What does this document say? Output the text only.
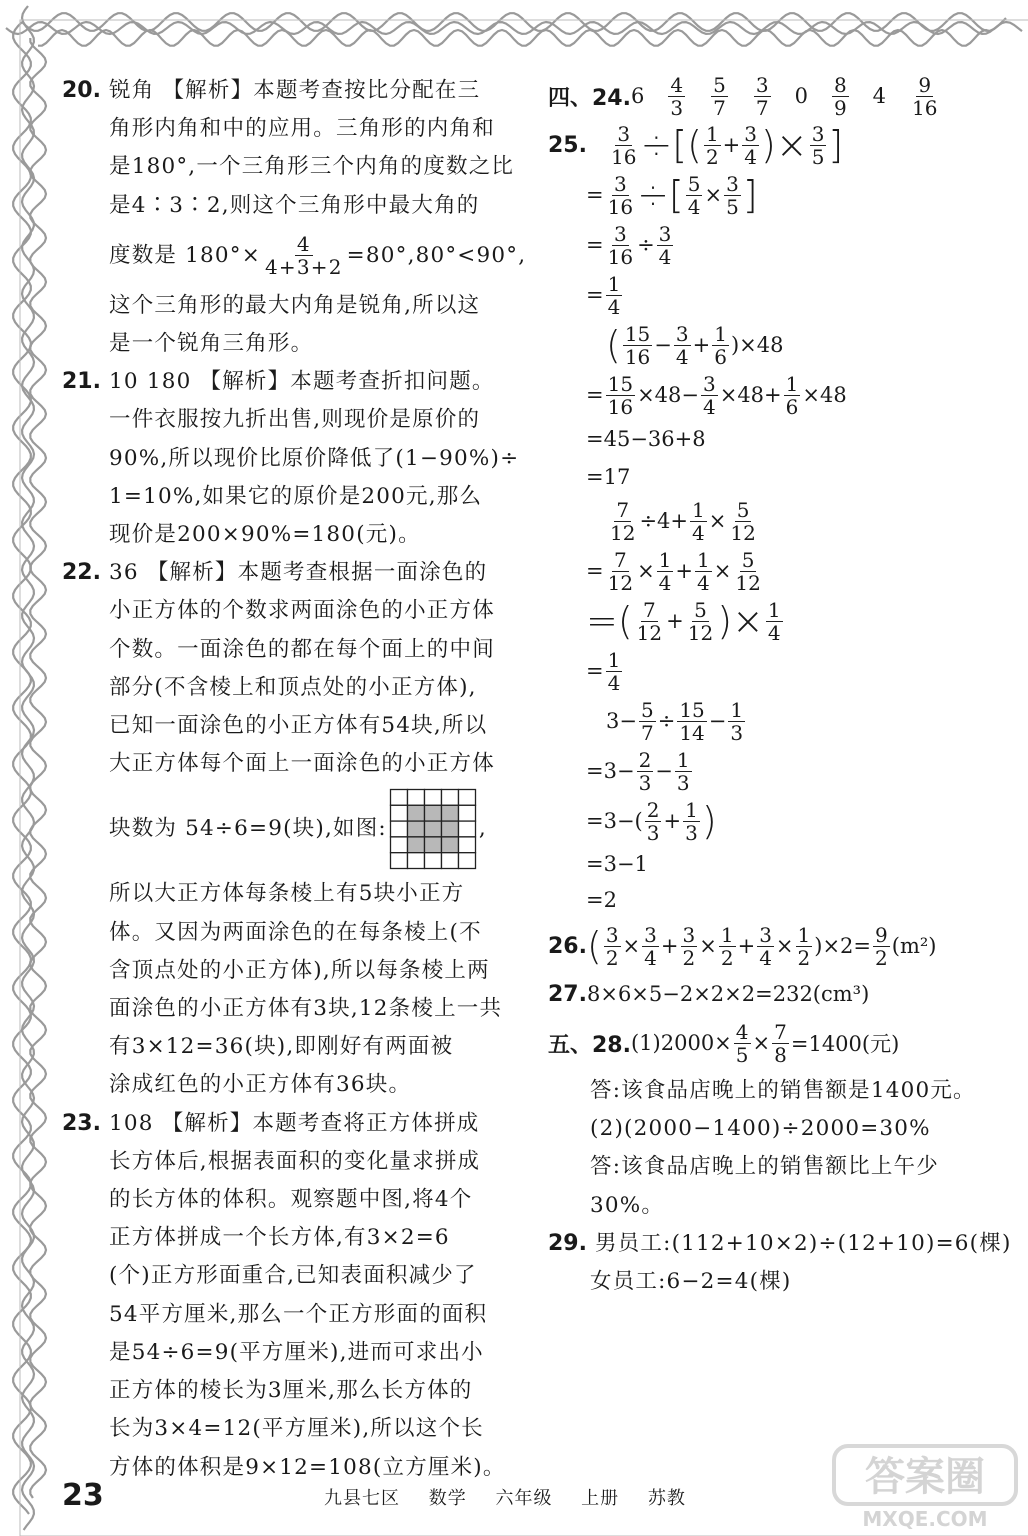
20. 锐角 【解析】本题考查按比分配在三
角形内角和中的应用。三角形的内角和
是180°,一个三角形三个内角的度数之比
是4∶3∶2,则这个三角形中最大角的
度数是 $180^\circ\times \frac{4}{4+3+2} =80^\circ,80^\circ<90^\circ$,
这个三角形的最大内角是锐角,所以这
是一个锐角三角形。
21. 10 180 【解析】本题考查折扣问题。
一件衣服按九折出售,则现价是原价的
90%,所以现价比原价降低了(1−90%)÷
1=10%,如果它的原价是200元,那么
现价是200×90%=180(元)。
22. 36 【解析】本题考查根据一面涂色的
小正方体的个数求两面涂色的小正方体
个数。一面涂色的都在每个面上的中间
部分(不含棱上和顶点处的小正方体),
已知一面涂色的小正方体有54块,所以
大正方体每个面上一面涂色的小正方体
块数为 54÷6=9(块),如图:	,
所以大正方体每条棱上有5块小正方
体。又因为两面涂色的在每条棱上(不
含顶点处的小正方体),所以每条棱上两
面涂色的小正方体有3块,12条棱上一共
有3×12=36(块),即刚好有两面被
涂成红色的小正方体有36块。
23. 108 【解析】本题考查将正方体拼成
长方体后,根据表面积的变化量求拼成
的长方体的体积。观察题中图,将4个
正方体拼成一个长方体,有3×2=6
(个)正方形面重合,已知表面积减少了
54平方厘米,那么一个正方形面的面积
是54÷6=9(平方厘米),进而可求出小
正方体的棱长为3厘米,那么长方体的
长为3×4=12(平方厘米),所以这个长
方体的体积是9×12=108(立方厘米)。
四、24. $6 \frac{4}{3} \frac{5}{7} \frac{3}{7} 0 \frac{8}{9} 4 \frac{9}{16}$
25. $\frac{3}{16}$ ÷[( $\frac{1}{2} + \frac{3}{4}$ )× $\frac{3}{5}$ ]
= $\frac{3}{16}$ ÷[ $\frac{5}{4} \times \frac{3}{5}$ ]
= $\frac{3}{16} \div \frac{3}{4}$
= $\frac{1}{4}$
( $\frac{15}{16} - \frac{3}{4} + \frac{1}{6} )\times 48$
= $\frac{15}{16} \times 48- \frac{3}{4} \times 48+ \frac{1}{6} \times 48$
=45−36+8
=17
$\frac{7}{12} \div 4+ \frac{1}{4} \times \frac{5}{12}$
= $\frac{7}{12} \times \frac{1}{4} + \frac{1}{4} \times \frac{5}{12}$
=( $\frac{7}{12} + \frac{5}{12}$ )× $\frac{1}{4}$
= $\frac{1}{4}$
$3- \frac{5}{7} \div \frac{15}{14} - \frac{1}{3}$
$=3- \frac{2}{3} - \frac{1}{3}$
$=3-( \frac{2}{3} + \frac{1}{3}$ )
=3−1
=2
26. ( $\frac{3}{2} \times \frac{3}{4} + \frac{3}{2} \times \frac{1}{2} + \frac{3}{4} \times \frac{1}{2} )\times 2= \frac{9}{2} (m^2)$
27. 8×6×5−2×2×2=232(cm³)
五、28. $(1)2000\times \frac{4}{5} \times \frac{7}{8} =1400$(元)
答:该食品店晚上的销售额是1400元。
(2)(2000−1400)÷2000=30%
答:该食品店晚上的销售额比上午少
30%。
29. 男员工:(112+10×2)÷(12+10)=6(棵)
女员工:6−2=4(棵)
23	九县七区 数学 六年级 上册 苏教	答案圈
MXQE.COM
